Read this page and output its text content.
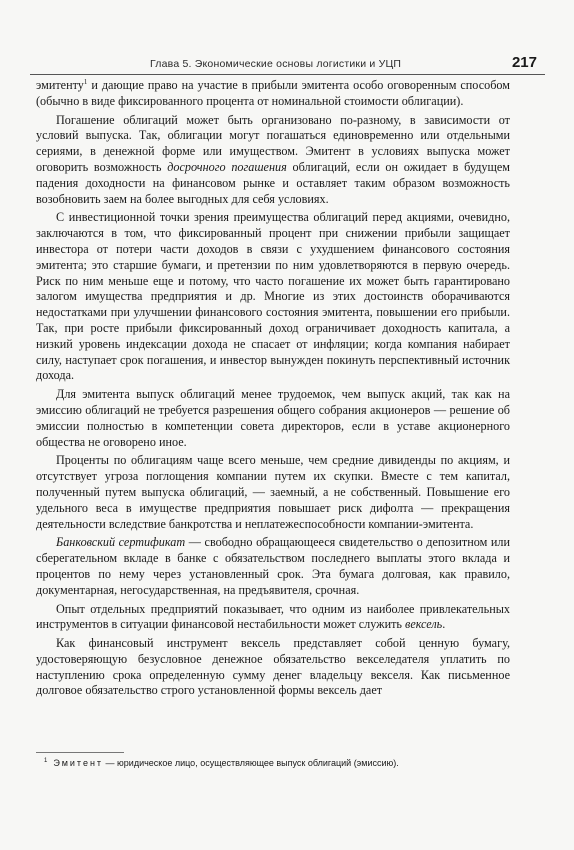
Глава 5. Экономические основы логистики и УЦП	217

эмитенту$^1$ и дающие право на участие в прибыли эмитента особо оговоренным способом (обычно в виде фиксированного процента от номинальной стоимости облигации).

Погашение облигаций может быть организовано по-разному, в зависимости от условий выпуска. Так, облигации могут погашаться единовременно или отдельными сериями, в денежной форме или имуществом. Эмитент в условиях выпуска может оговорить возможность досрочного погашения облигаций, если он ожидает в будущем падения доходности на финансовом рынке и оставляет таким образом возможность возобновить заем на более выгодных для себя условиях.

С инвестиционной точки зрения преимущества облигаций перед акциями, очевидно, заключаются в том, что фиксированный процент при снижении прибыли защищает инвестора от потери части доходов в связи с ухудшением финансового состояния эмитента; это старшие бумаги, и претензии по ним удовлетворяются в первую очередь. Риск по ним меньше еще и потому, что часто погашение их может быть гарантировано залогом имущества предприятия и др. Многие из этих достоинств оборачиваются недостатками при улучшении финансового состояния эмитента, повышении его прибыли. Так, при росте прибыли фиксированный доход ограничивает доходность капитала, а низкий уровень индексации дохода не спасает от инфляции; когда компания набирает силу, наступает срок погашения, и инвестор вынужден покинуть перспективный источник дохода.

Для эмитента выпуск облигаций менее трудоемок, чем выпуск акций, так как на эмиссию облигаций не требуется разрешения общего собрания акционеров — решение об эмиссии полностью в компетенции совета директоров, если в уставе акционерного общества не оговорено иное.

Проценты по облигациям чаще всего меньше, чем средние дивиденды по акциям, и отсутствует угроза поглощения компании путем их скупки. Вместе с тем капитал, полученный путем выпуска облигаций, — заемный, а не собственный. Повышение его удельного веса в имуществе предприятия повышает риск дифолта — прекращения деятельности вследствие банкротства и неплатежеспособности компании-эмитента.

Банковский сертификат — свободно обращающееся свидетельство о депозитном или сберегательном вкладе в банке с обязательством последнего выплаты этого вклада и процентов по нему через установленный срок. Эта бумага долговая, как правило, документарная, негосударственная, на предъявителя, срочная.

Опыт отдельных предприятий показывает, что одним из наиболее привлекательных инструментов в ситуации финансовой нестабильности может служить вексель.

Как финансовый инструмент вексель представляет собой ценную бумагу, удостоверяющую безусловное денежное обязательство векселедателя уплатить по наступлению срока определенную сумму денег владельцу векселя. Как письменное долговое обязательство строго установленной формы вексель дает

$^1$ Эмитент — юридическое лицо, осуществляющее выпуск облигаций (эмиссию).
